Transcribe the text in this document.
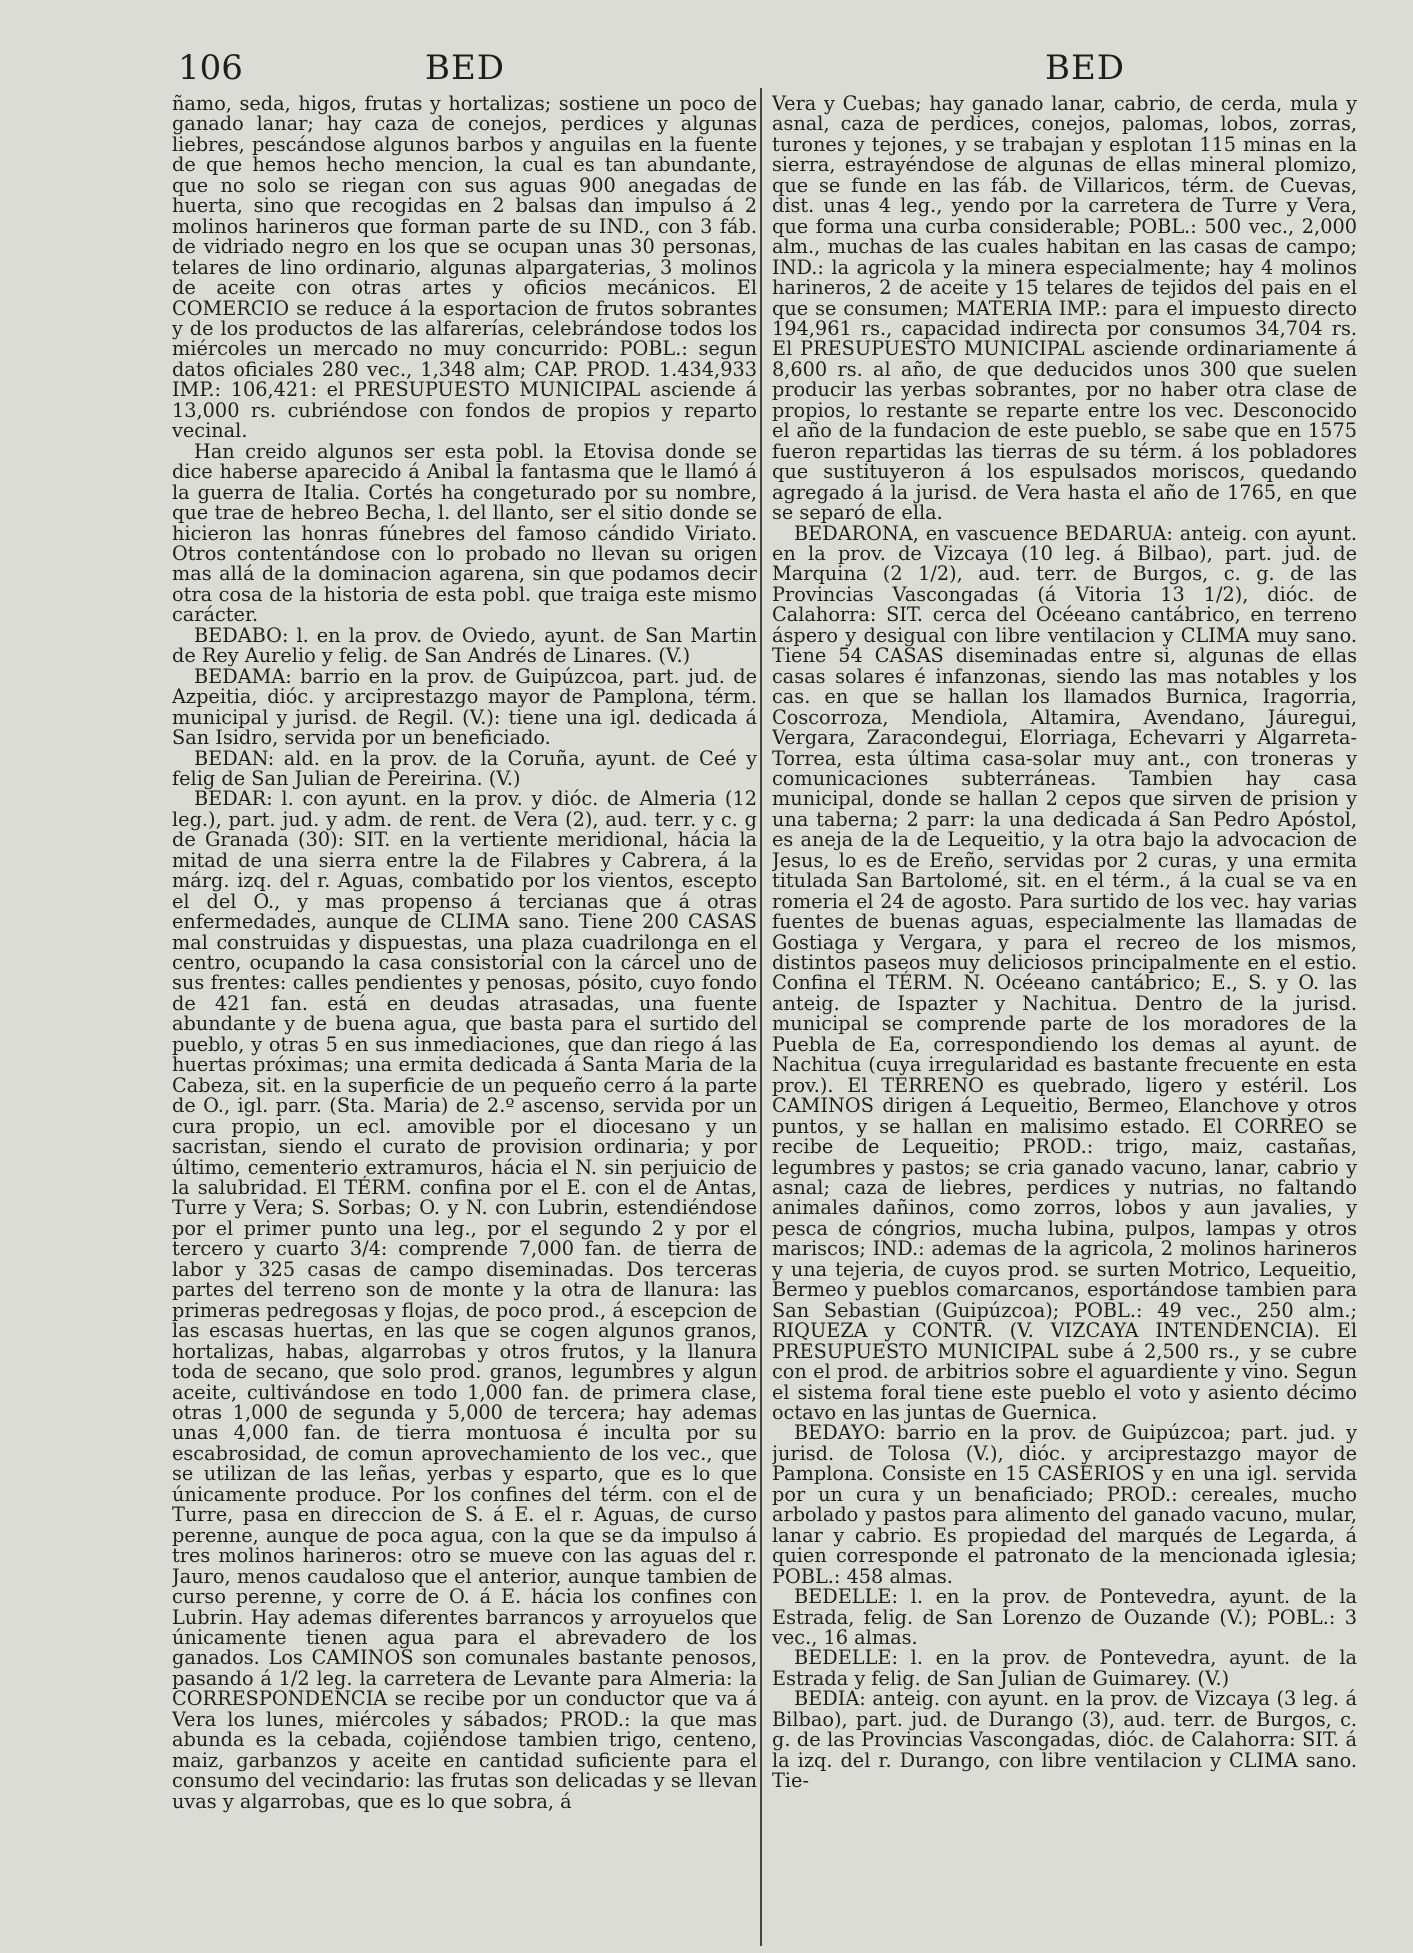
106	BED	BED

ñamo, seda, higos, frutas y hortalizas; sostiene un poco de ganado lanar; hay caza de conejos, perdices y algunas liebres, pescándose algunos barbos y anguilas en la fuente de que hemos hecho mencion, la cual es tan abundante, que no solo se riegan con sus aguas 900 anegadas de huerta, sino que recogidas en 2 balsas dan impulso á 2 molinos harineros que forman parte de su IND., con 3 fáb. de vidriado negro en los que se ocupan unas 30 personas, telares de lino ordinario, algunas alpargaterias, 3 molinos de aceite con otras artes y oficios mecánicos. El COMERCIO se reduce á la esportacion de frutos sobrantes y de los productos de las alfarerías, celebrándose todos los miércoles un mercado no muy concurrido: POBL.: segun datos oficiales 280 vec., 1,348 alm; CAP. PROD. 1.434,933 IMP.: 106,421: el PRESUPUESTO MUNICIPAL asciende á 13,000 rs. cubriéndose con fondos de propios y reparto vecinal.

Han creido algunos ser esta pobl. la Etovisa donde se dice haberse aparecido á Anibal la fantasma que le llamó á la guerra de Italia. Cortés ha congeturado por su nombre, que trae de hebreo Becha, l. del llanto, ser el sitio donde se hicieron las honras fúnebres del famoso cándido Viriato. Otros contentándose con lo probado no llevan su origen mas allá de la dominacion agarena, sin que podamos decir otra cosa de la historia de esta pobl. que traiga este mismo carácter.

BEDABO: l. en la prov. de Oviedo, ayunt. de San Martin de Rey Aurelio y felig. de San Andrés de Linares. (V.)

BEDAMA: barrio en la prov. de Guipúzcoa, part. jud. de Azpeitia, dióc. y arciprestazgo mayor de Pamplona, térm. municipal y jurisd. de Regil. (V.): tiene una igl. dedicada á San Isidro, servida por un beneficiado.

BEDAN: ald. en la prov. de la Coruña, ayunt. de Ceé y felig de San Julian de Pereirina. (V.)

BEDAR: l. con ayunt. en la prov. y dióc. de Almeria (12 leg.), part. jud. y adm. de rent. de Vera (2), aud. terr. y c. g de Granada (30): SIT. en la vertiente meridional, hácia la mitad de una sierra entre la de Filabres y Cabrera, á la márg. izq. del r. Aguas, combatido por los vientos, escepto el del O., y mas propenso á tercianas que á otras enfermedades, aunque de CLIMA sano. Tiene 200 CASAS mal construidas y dispuestas, una plaza cuadrilonga en el centro, ocupando la casa consistorial con la cárcel uno de sus frentes: calles pendientes y penosas, pósito, cuyo fondo de 421 fan. está en deudas atrasadas, una fuente abundante y de buena agua, que basta para el surtido del pueblo, y otras 5 en sus inmediaciones, que dan riego á las huertas próximas; una ermita dedicada á Santa Maria de la Cabeza, sit. en la superficie de un pequeño cerro á la parte de O., igl. parr. (Sta. Maria) de 2.º ascenso, servida por un cura propio, un ecl. amovible por el diocesano y un sacristan, siendo el curato de provision ordinaria; y por último, cementerio extramuros, hácia el N. sin perjuicio de la salubridad. El TÉRM. confina por el E. con el de Antas, Turre y Vera; S. Sorbas; O. y N. con Lubrin, estendiéndose por el primer punto una leg., por el segundo 2 y por el tercero y cuarto 3/4: comprende 7,000 fan. de tierra de labor y 325 casas de campo diseminadas. Dos terceras partes del terreno son de monte y la otra de llanura: las primeras pedregosas y flojas, de poco prod., á escepcion de las escasas huertas, en las que se cogen algunos granos, hortalizas, habas, algarrobas y otros frutos, y la llanura toda de secano, que solo prod. granos, legumbres y algun aceite, cultivándose en todo 1,000 fan. de primera clase, otras 1,000 de segunda y 5,000 de tercera; hay ademas unas 4,000 fan. de tierra montuosa é inculta por su escabrosidad, de comun aprovechamiento de los vec., que se utilizan de las leñas, yerbas y esparto, que es lo que únicamente produce. Por los confines del térm. con el de Turre, pasa en direccion de S. á E. el r. Aguas, de curso perenne, aunque de poca agua, con la que se da impulso á tres molinos harineros: otro se mueve con las aguas del r. Jauro, menos caudaloso que el anterior, aunque tambien de curso perenne, y corre de O. á E. hácia los confines con Lubrin. Hay ademas diferentes barrancos y arroyuelos que únicamente tienen agua para el abrevadero de los ganados. Los CAMINOS son comunales bastante penosos, pasando á 1/2 leg. la carretera de Levante para Almeria: la CORRESPONDENCIA se recibe por un conductor que va á Vera los lunes, miércoles y sábados; PROD.: la que mas abunda es la cebada, cojiéndose tambien trigo, centeno, maiz, garbanzos y aceite en cantidad suficiente para el consumo del vecindario: las frutas son delicadas y se llevan uvas y algarrobas, que es lo que sobra, á

Vera y Cuebas; hay ganado lanar, cabrio, de cerda, mula y asnal, caza de perdices, conejos, palomas, lobos, zorras, turones y tejones, y se trabajan y esplotan 115 minas en la sierra, estrayéndose de algunas de ellas mineral plomizo, que se funde en las fáb. de Villaricos, térm. de Cuevas, dist. unas 4 leg., yendo por la carretera de Turre y Vera, que forma una curba considerable; POBL.: 500 vec., 2,000 alm., muchas de las cuales habitan en las casas de campo; IND.: la agricola y la minera especialmente; hay 4 molinos harineros, 2 de aceite y 15 telares de tejidos del pais en el que se consumen; MATERIA IMP.: para el impuesto directo 194,961 rs., capacidad indirecta por consumos 34,704 rs. El PRESUPUESTO MUNICIPAL asciende ordinariamente á 8,600 rs. al año, de que deducidos unos 300 que suelen producir las yerbas sobrantes, por no haber otra clase de propios, lo restante se reparte entre los vec. Desconocido el año de la fundacion de este pueblo, se sabe que en 1575 fueron repartidas las tierras de su térm. á los pobladores que sustituyeron á los espulsados moriscos, quedando agregado á la jurisd. de Vera hasta el año de 1765, en que se separó de ella.

BEDARONA, en vascuence BEDARUA: anteig. con ayunt. en la prov. de Vizcaya (10 leg. á Bilbao), part. jud. de Marquina (2 1/2), aud. terr. de Burgos, c. g. de las Provincias Vascongadas (á Vitoria 13 1/2), dióc. de Calahorra: SIT. cerca del Océeano cantábrico, en terreno áspero y desigual con libre ventilacion y CLIMA muy sano. Tiene 54 CASAS diseminadas entre si, algunas de ellas casas solares é infanzonas, siendo las mas notables y los cas. en que se hallan los llamados Burnica, Iragorria, Coscorroza, Mendiola, Altamira, Avendano, Jáuregui, Vergara, Zaracondegui, Elorriaga, Echevarri y Algarreta-Torrea, esta última casa-solar muy ant., con troneras y comunicaciones subterráneas. Tambien hay casa municipal, donde se hallan 2 cepos que sirven de prision y una taberna; 2 parr: la una dedicada á San Pedro Apóstol, es aneja de la de Lequeitio, y la otra bajo la advocacion de Jesus, lo es de Ereño, servidas por 2 curas, y una ermita titulada San Bartolomé, sit. en el térm., á la cual se va en romeria el 24 de agosto. Para surtido de los vec. hay varias fuentes de buenas aguas, especialmente las llamadas de Gostiaga y Vergara, y para el recreo de los mismos, distintos paseos muy deliciosos principalmente en el estio. Confina el TÉRM. N. Océeano cantábrico; E., S. y O. las anteig. de Ispazter y Nachitua. Dentro de la jurisd. municipal se comprende parte de los moradores de la Puebla de Ea, correspondiendo los demas al ayunt. de Nachitua (cuya irregularidad es bastante frecuente en esta prov.). El TERRENO es quebrado, ligero y estéril. Los CAMINOS dirigen á Lequeitio, Bermeo, Elanchove y otros puntos, y se hallan en malisimo estado. El CORREO se recibe de Lequeitio; PROD.: trigo, maiz, castañas, legumbres y pastos; se cria ganado vacuno, lanar, cabrio y asnal; caza de liebres, perdices y nutrias, no faltando animales dañinos, como zorros, lobos y aun javalies, y pesca de cóngrios, mucha lubina, pulpos, lampas y otros mariscos; IND.: ademas de la agricola, 2 molinos harineros y una tejeria, de cuyos prod. se surten Motrico, Lequeitio, Bermeo y pueblos comarcanos, esportándose tambien para San Sebastian (Guipúzcoa); POBL.: 49 vec., 250 alm.; RIQUEZA y CONTR. (V. VIZCAYA INTENDENCIA). El PRESUPUESTO MUNICIPAL sube á 2,500 rs., y se cubre con el prod. de arbitrios sobre el aguardiente y vino. Segun el sistema foral tiene este pueblo el voto y asiento décimo octavo en las juntas de Guernica.

BEDAYO: barrio en la prov. de Guipúzcoa; part. jud. y jurisd. de Tolosa (V.), dióc. y arciprestazgo mayor de Pamplona. Consiste en 15 CASERIOS y en una igl. servida por un cura y un benaficiado; PROD.: cereales, mucho arbolado y pastos para alimento del ganado vacuno, mular, lanar y cabrio. Es propiedad del marqués de Legarda, á quien corresponde el patronato de la mencionada iglesia; POBL.: 458 almas.

BEDELLE: l. en la prov. de Pontevedra, ayunt. de la Estrada, felig. de San Lorenzo de Ouzande (V.); POBL.: 3 vec., 16 almas.

BEDELLE: l. en la prov. de Pontevedra, ayunt. de la Estrada y felig. de San Julian de Guimarey. (V.)

BEDIA: anteig. con ayunt. en la prov. de Vizcaya (3 leg. á Bilbao), part. jud. de Durango (3), aud. terr. de Burgos, c. g. de las Provincias Vascongadas, dióc. de Calahorra: SIT. á la izq. del r. Durango, con libre ventilacion y CLIMA sano. Tie-
